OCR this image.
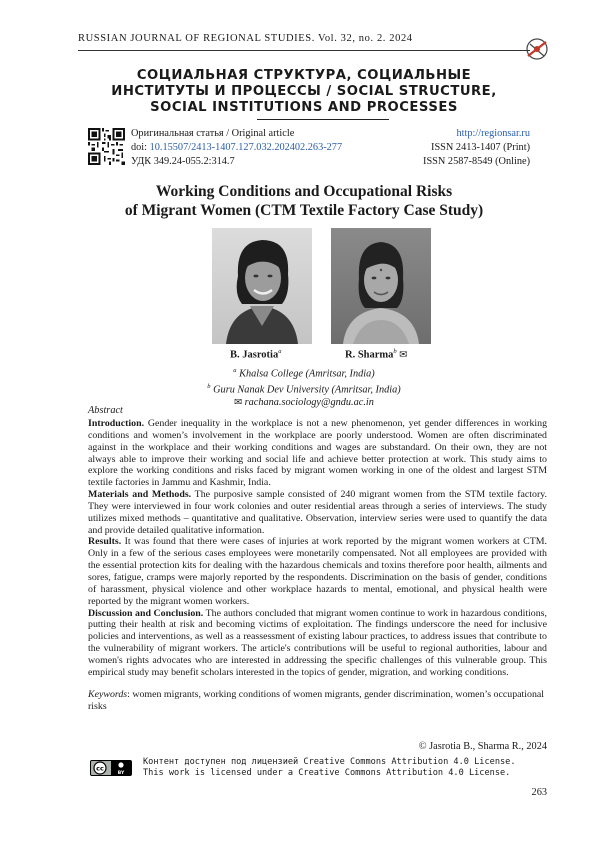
RUSSIAN JOURNAL OF REGIONAL STUDIES. Vol. 32, no. 2. 2024
СОЦИАЛЬНАЯ СТРУКТУРА, СОЦИАЛЬНЫЕ
ИНСТИТУТЫ И ПРОЦЕССЫ / SOCIAL STRUCTURE,
SOCIAL INSTITUTIONS AND PROCESSES
Оригинальная статья / Original article
doi: 10.15507/2413-1407.127.032.202402.263-277
УДК 349.24-055.2:314.7
http://regionsar.ru
ISSN 2413-1407 (Print)
ISSN 2587-8549 (Online)
Working Conditions and Occupational Risks
of Migrant Women (CTM Textile Factory Case Study)
B. Jasrotia$^a$	R. Sharma$^b$ ✉
$^a$ Khalsa College (Amritsar, India)
$^b$ Guru Nanak Dev University (Amritsar, India)
✉ rachana.sociology@gndu.ac.in
Abstract

Introduction. Gender inequality in the workplace is not a new phenomenon, yet gender differences in working conditions and women’s involvement in the workplace are poorly understood. Women are often discriminated against in the workplace and their working conditions and wages are substandard. On their own, they are not always able to improve their working and social life and achieve better protection at work. This study aims to explore the working conditions and risks faced by migrant women working in one of the oldest and largest STM textile factories in Jammu and Kashmir, India.

Materials and Methods. The purposive sample consisted of 240 migrant women from the STM textile factory. They were interviewed in four work colonies and outer residential areas through a series of interviews. The study utilizes mixed methods – quantitative and qualitative. Observation, interview series were used to quantify the data and provide detailed qualitative information.

Results. It was found that there were cases of injuries at work reported by the migrant women workers at CTM. Only in a few of the serious cases employees were monetarily compensated. Not all employees are provided with the essential protection kits for dealing with the hazardous chemicals and toxins therefore poor health, ailments and sores, fatigue, cramps were majorly reported by the respondents. Discrimination on the basis of gender, conditions of harassment, physical violence and other workplace hazards to mental, emotional, and physical health were reported by the migrant women workers.

Discussion and Conclusion. The authors concluded that migrant women continue to work in hazardous conditions, putting their health at risk and becoming victims of exploitation. The findings underscore the need for inclusive policies and interventions, as well as a reassessment of existing labour practices, to address issues that contribute to the vulnerability of migrant workers. The article's contributions will be useful to regional authorities, labour and women's rights advocates who are interested in addressing the specific challenges of this vulnerable group. This empirical study may benefit scholars interested in the topics of gender, migration, and working conditions.

Keywords: women migrants, working conditions of women migrants, gender discrimination, women’s occupational risks
© Jasrotia B., Sharma R., 2024
cc
BY
Контент доступен под лицензией Creative Commons Attribution 4.0 License.
This work is licensed under a Creative Commons Attribution 4.0 License.
263
